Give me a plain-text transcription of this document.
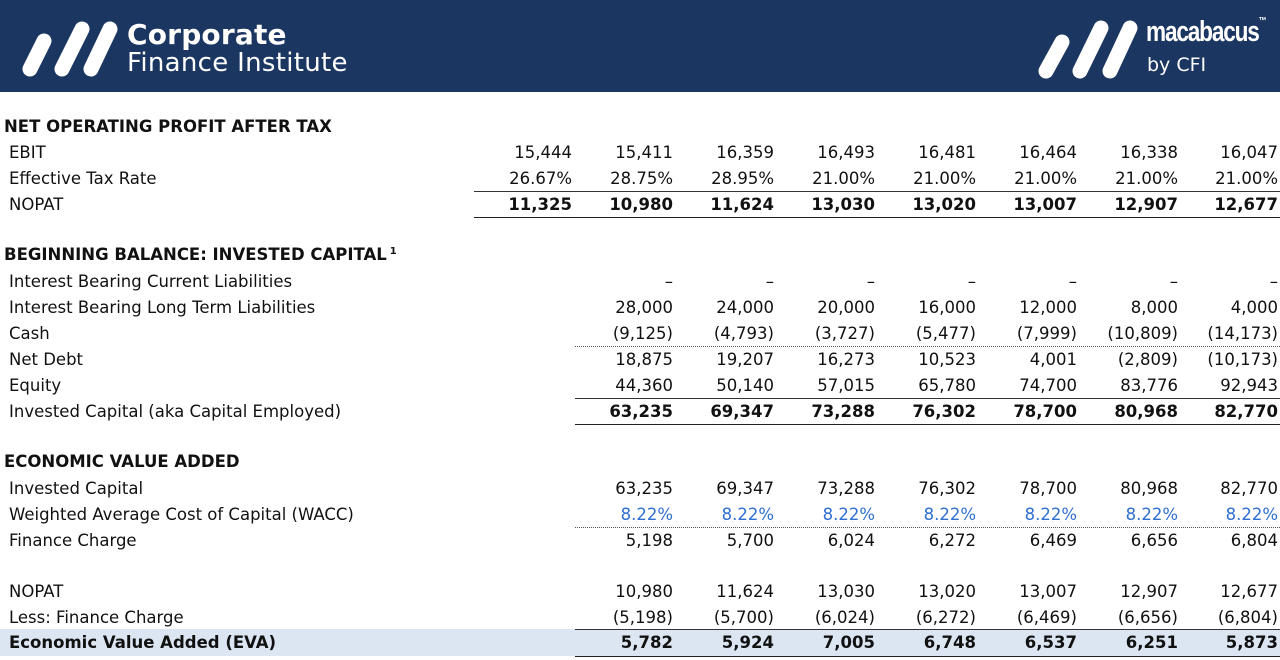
Corporate
Finance Institute
macabacus™
by CFI
NET OPERATING PROFIT AFTER TAX
EBIT	15,444	15,411	16,359	16,493	16,481	16,464	16,338	16,047
Effective Tax Rate	26.67%	28.75%	28.95%	21.00%	21.00%	21.00%	21.00%	21.00%
NOPAT	11,325	10,980	11,624	13,030	13,020	13,007	12,907	12,677
BEGINNING BALANCE: INVESTED CAPITAL $^1$
Interest Bearing Current Liabilities	–	–	–	–	–	–	–
Interest Bearing Long Term Liabilities	28,000	24,000	20,000	16,000	12,000	8,000	4,000
Cash	(9,125)	(4,793)	(3,727)	(5,477)	(7,999)	(10,809)	(14,173)
Net Debt	18,875	19,207	16,273	10,523	4,001	(2,809)	(10,173)
Equity	44,360	50,140	57,015	65,780	74,700	83,776	92,943
Invested Capital (aka Capital Employed)	63,235	69,347	73,288	76,302	78,700	80,968	82,770
ECONOMIC VALUE ADDED
Invested Capital	63,235	69,347	73,288	76,302	78,700	80,968	82,770
Weighted Average Cost of Capital (WACC)	8.22%	8.22%	8.22%	8.22%	8.22%	8.22%	8.22%
Finance Charge	5,198	5,700	6,024	6,272	6,469	6,656	6,804
NOPAT	10,980	11,624	13,030	13,020	13,007	12,907	12,677
Less: Finance Charge	(5,198)	(5,700)	(6,024)	(6,272)	(6,469)	(6,656)	(6,804)
Economic Value Added (EVA)	5,782	5,924	7,005	6,748	6,537	6,251	5,873
